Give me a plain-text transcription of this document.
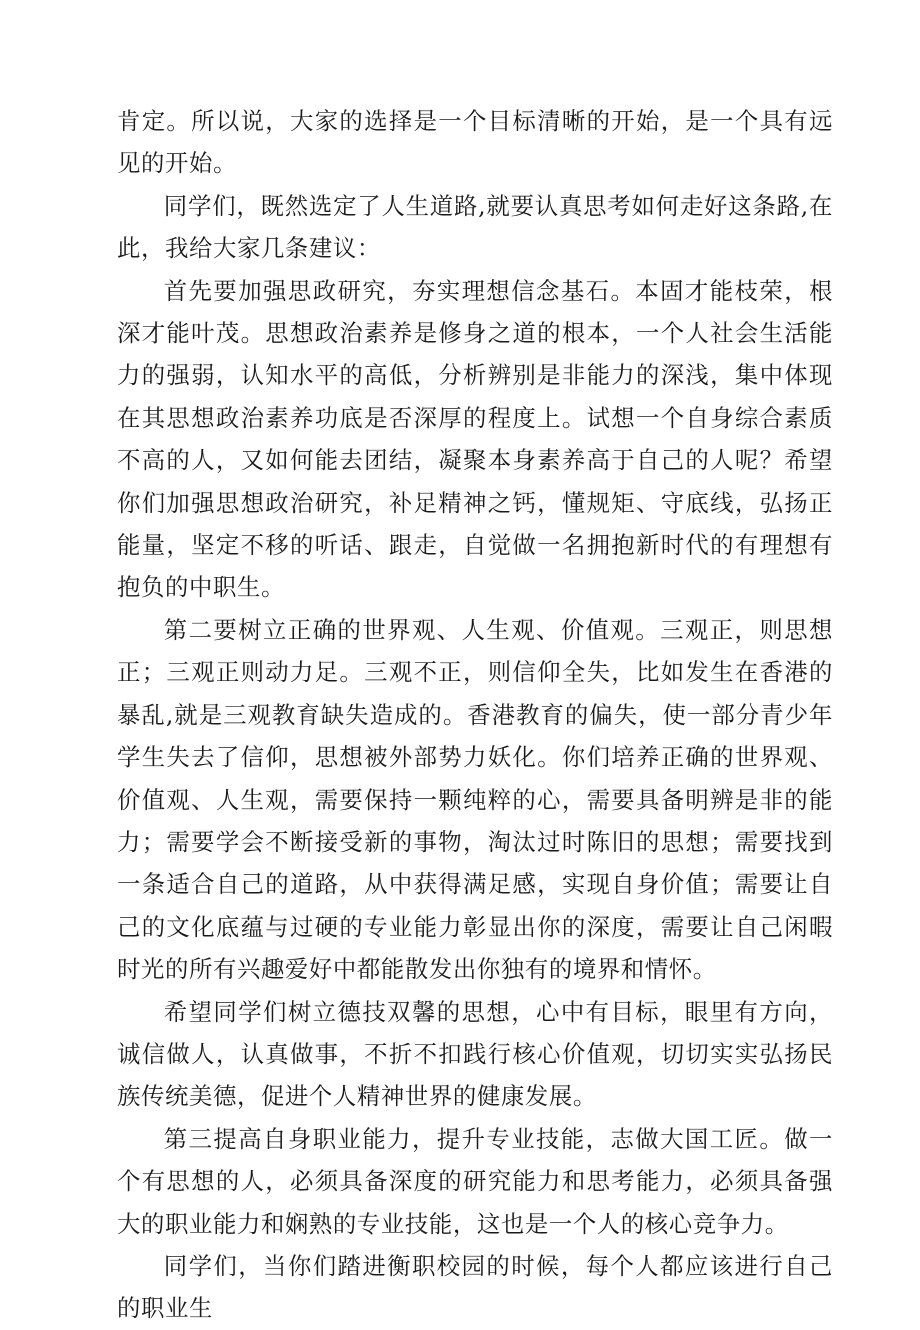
肯定。所以说，大家的选择是一个目标清晰的开始，是一个具有远见的开始。

同学们，既然选定了人生道路,就要认真思考如何走好这条路,在此，我给大家几条建议：

首先要加强思政研究，夯实理想信念基石。本固才能枝荣，根深才能叶茂。思想政治素养是修身之道的根本，一个人社会生活能力的强弱，认知水平的高低，分析辨别是非能力的深浅，集中体现在其思想政治素养功底是否深厚的程度上。试想一个自身综合素质不高的人，又如何能去团结，凝聚本身素养高于自己的人呢？希望你们加强思想政治研究，补足精神之钙，懂规矩、守底线，弘扬正能量，坚定不移的听话、跟走，自觉做一名拥抱新时代的有理想有抱负的中职生。

第二要树立正确的世界观、人生观、价值观。三观正，则思想正；三观正则动力足。三观不正，则信仰全失，比如发生在香港的暴乱,就是三观教育缺失造成的。香港教育的偏失，使一部分青少年学生失去了信仰，思想被外部势力妖化。你们培养正确的世界观、价值观、人生观，需要保持一颗纯粹的心，需要具备明辨是非的能力；需要学会不断接受新的事物，淘汰过时陈旧的思想；需要找到一条适合自己的道路，从中获得满足感，实现自身价值；需要让自己的文化底蕴与过硬的专业能力彰显出你的深度，需要让自己闲暇时光的所有兴趣爱好中都能散发出你独有的境界和情怀。

希望同学们树立德技双馨的思想，心中有目标，眼里有方向，诚信做人，认真做事，不折不扣践行核心价值观，切切实实弘扬民族传统美德，促进个人精神世界的健康发展。

第三提高自身职业能力，提升专业技能，志做大国工匠。做一个有思想的人，必须具备深度的研究能力和思考能力，必须具备强大的职业能力和娴熟的专业技能，这也是一个人的核心竞争力。

同学们，当你们踏进衡职校园的时候，每个人都应该进行自己的职业生
